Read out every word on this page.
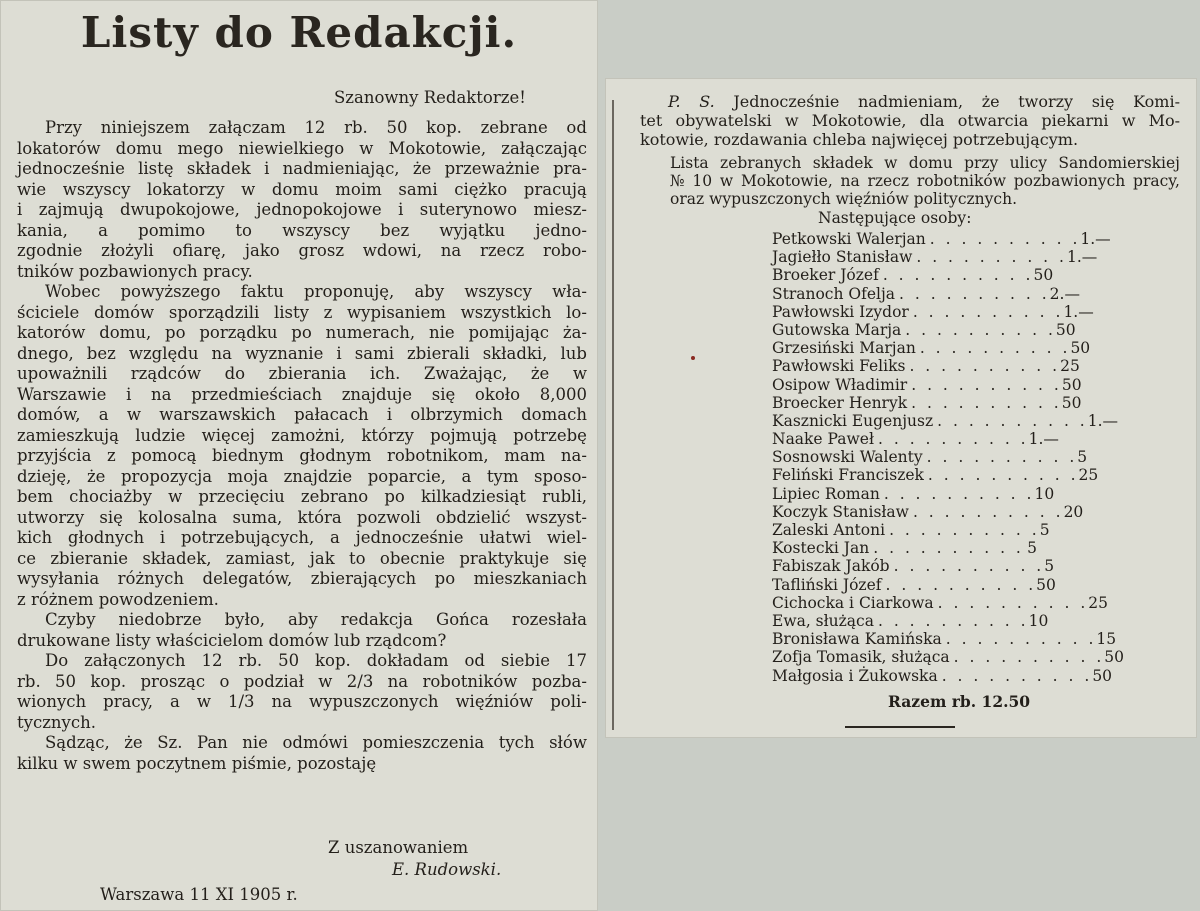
Listy do Redakcji.
Szanowny Redaktorze!
Przy niniejszem załączam 12 rb. 50 kop. zebrane od
lokatorów domu mego niewielkiego w Mokotowie, załączając
jednocześnie listę składek i nadmieniając, że przeważnie pra-
wie wszyscy lokatorzy w domu moim sami ciężko pracują
i zajmują dwupokojowe, jednopokojowe i suterynowo miesz-
kania, a pomimo to wszyscy bez wyjątku jedno-
zgodnie złożyli ofiarę, jako grosz wdowi, na rzecz robo-
tników pozbawionych pracy.
Wobec powyższego faktu proponuję, aby wszyscy wła-
ściciele domów sporządzili listy z wypisaniem wszystkich lo-
katorów domu, po porządku po numerach, nie pomijając ża-
dnego, bez względu na wyznanie i sami zbierali składki, lub
upoważnili rządców do zbierania ich. Zważając, że w
Warszawie i na przedmieściach znajduje się około 8,000
domów, a w warszawskich pałacach i olbrzymich domach
zamieszkują ludzie więcej zamożni, którzy pojmują potrzebę
przyjścia z pomocą biednym głodnym robotnikom, mam na-
dzieję, że propozycja moja znajdzie poparcie, a tym sposo-
bem chociażby w przecięciu zebrano po kilkadziesiąt rubli,
utworzy się kolosalna suma, która pozwoli obdzielić wszyst-
kich głodnych i potrzebujących, a jednocześnie ułatwi wiel-
ce zbieranie składek, zamiast, jak to obecnie praktykuje się
wysyłania różnych delegatów, zbierających po mieszkaniach
z różnem powodzeniem.
Czyby niedobrze było, aby redakcja Gońca rozesłała
drukowane listy właścicielom domów lub rządcom?
Do załączonych 12 rb. 50 kop. dokładam od siebie 17
rb. 50 kop. prosząc o podział w 2/3 na robotników pozba-
wionych pracy, a w 1/3 na wypuszczonych więźniów poli-
tycznych.
Sądząc, że Sz. Pan nie odmówi pomieszczenia tych słów
kilku w swem poczytnem piśmie, pozostaję
Z uszanowaniem
E. Rudowski.
Warszawa 11 XI 1905 r.
P. S. Jednocześnie nadmieniam, że tworzy się Komi-
tet obywatelski w Mokotowie, dla otwarcia piekarni w Mo-
kotowie, rozdawania chleba najwięcej potrzebującym.
Lista zebranych składek w domu przy ulicy Sandomierskiej
№ 10 w Mokotowie, na rzecz robotników pozbawionych pracy,
oraz wypuszczonych więźniów politycznych.
Następujące osoby:
Petkowski Walerjan . . . . . . . . . . 1.—
Jagiełło Stanisław . . . . . . . . . . 1.—
Broeker Józef . . . . . . . . . . 50
Stranoch Ofelja . . . . . . . . . . 2.—
Pawłowski Izydor . . . . . . . . . . 1.—
Gutowska Marja . . . . . . . . . . 50
Grzesiński Marjan . . . . . . . . . . 50
Pawłowski Feliks . . . . . . . . . . 25
Osipow Władimir . . . . . . . . . . 50
Broecker Henryk . . . . . . . . . . 50
Kasznicki Eugenjusz . . . . . . . . . . 1.—
Naake Paweł . . . . . . . . . . 1.—
Sosnowski Walenty . . . . . . . . . . 5
Feliński Franciszek . . . . . . . . . . 25
Lipiec Roman . . . . . . . . . . 10
Koczyk Stanisław . . . . . . . . . . 20
Zaleski Antoni . . . . . . . . . . 5
Kostecki Jan . . . . . . . . . . 5
Fabiszak Jakób . . . . . . . . . . 5
Tafliński Józef . . . . . . . . . . 50
Cichocka i Ciarkowa . . . . . . . . . . 25
Ewa, służąca . . . . . . . . . . 10
Bronisława Kamińska . . . . . . . . . . 15
Zofja Tomasik, służąca . . . . . . . . . . 50
Małgosia i Żukowska . . . . . . . . . . 50
Razem rb. 12.50
